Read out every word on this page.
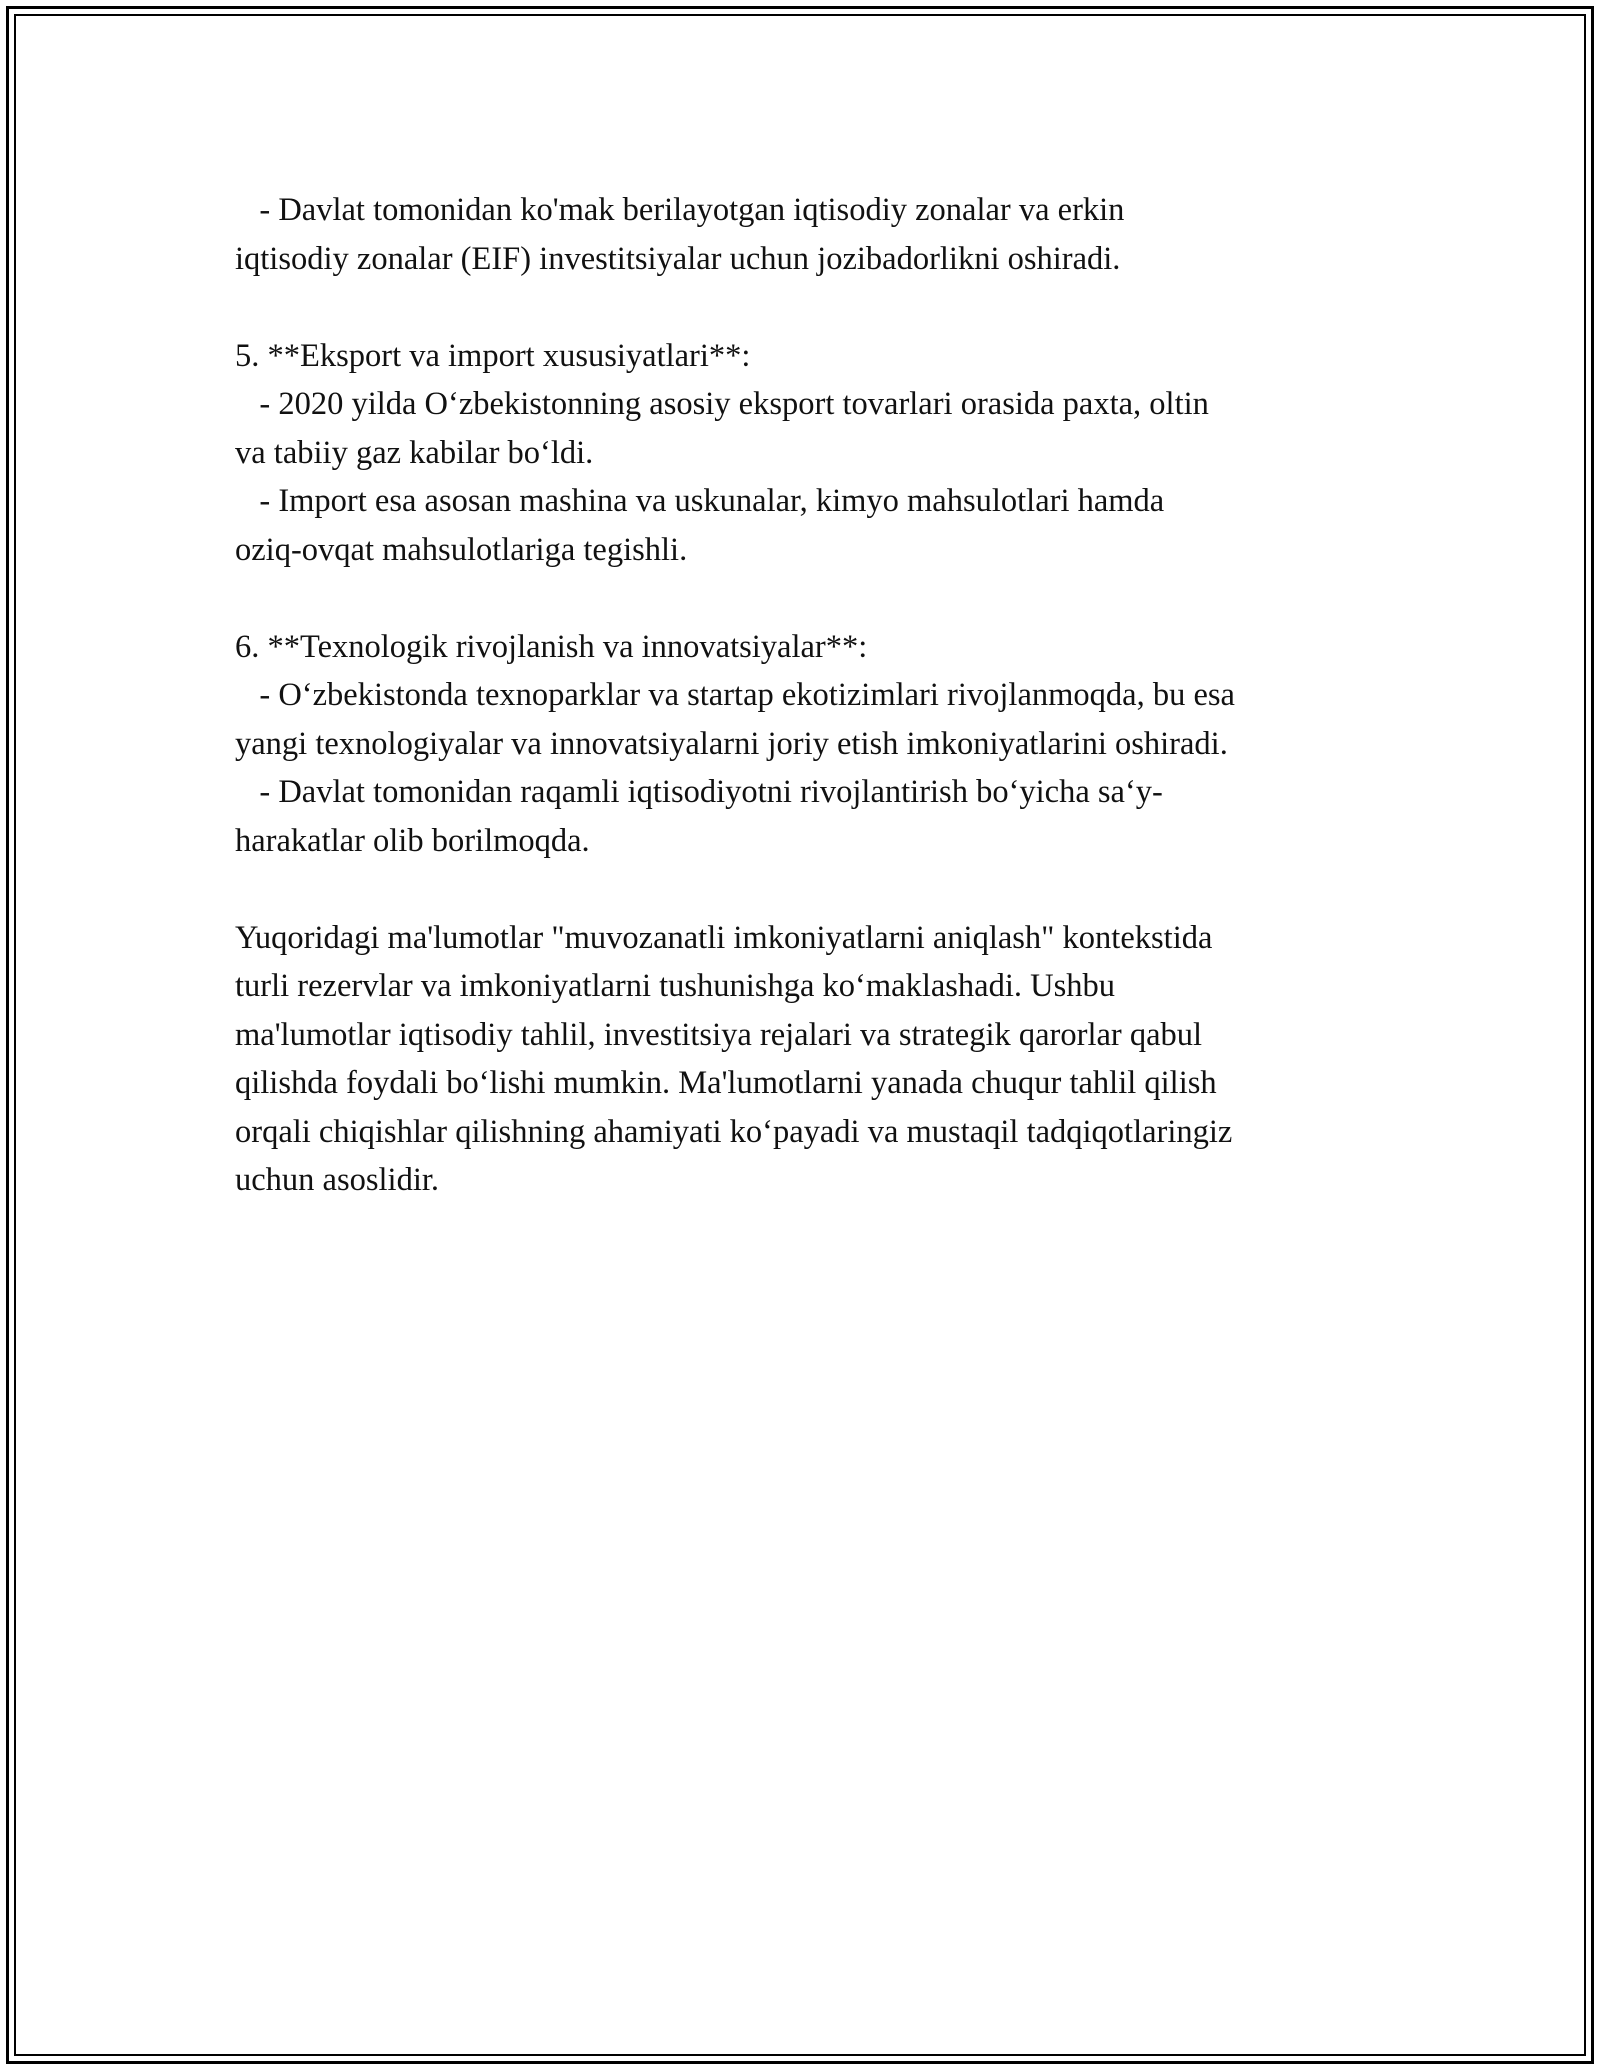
- Davlat tomonidan ko'mak berilayotgan iqtisodiy zonalar va erkin
iqtisodiy zonalar (EIF) investitsiyalar uchun jozibadorlikni oshiradi.
5. **Eksport va import xususiyatlari**:
- 2020 yilda O‘zbekistonning asosiy eksport tovarlari orasida paxta, oltin
va tabiiy gaz kabilar bo‘ldi.
- Import esa asosan mashina va uskunalar, kimyo mahsulotlari hamda
oziq-ovqat mahsulotlariga tegishli.
6. **Texnologik rivojlanish va innovatsiyalar**:
- O‘zbekistonda texnoparklar va startap ekotizimlari rivojlanmoqda, bu esa
yangi texnologiyalar va innovatsiyalarni joriy etish imkoniyatlarini oshiradi.
- Davlat tomonidan raqamli iqtisodiyotni rivojlantirish bo‘yicha sa‘y-
harakatlar olib borilmoqda.
Yuqoridagi ma'lumotlar "muvozanatli imkoniyatlarni aniqlash" kontekstida
turli rezervlar va imkoniyatlarni tushunishga ko‘maklashadi. Ushbu
ma'lumotlar iqtisodiy tahlil, investitsiya rejalari va strategik qarorlar qabul
qilishda foydali bo‘lishi mumkin. Ma'lumotlarni yanada chuqur tahlil qilish
orqali chiqishlar qilishning ahamiyati ko‘payadi va mustaqil tadqiqotlaringiz
uchun asoslidir.
